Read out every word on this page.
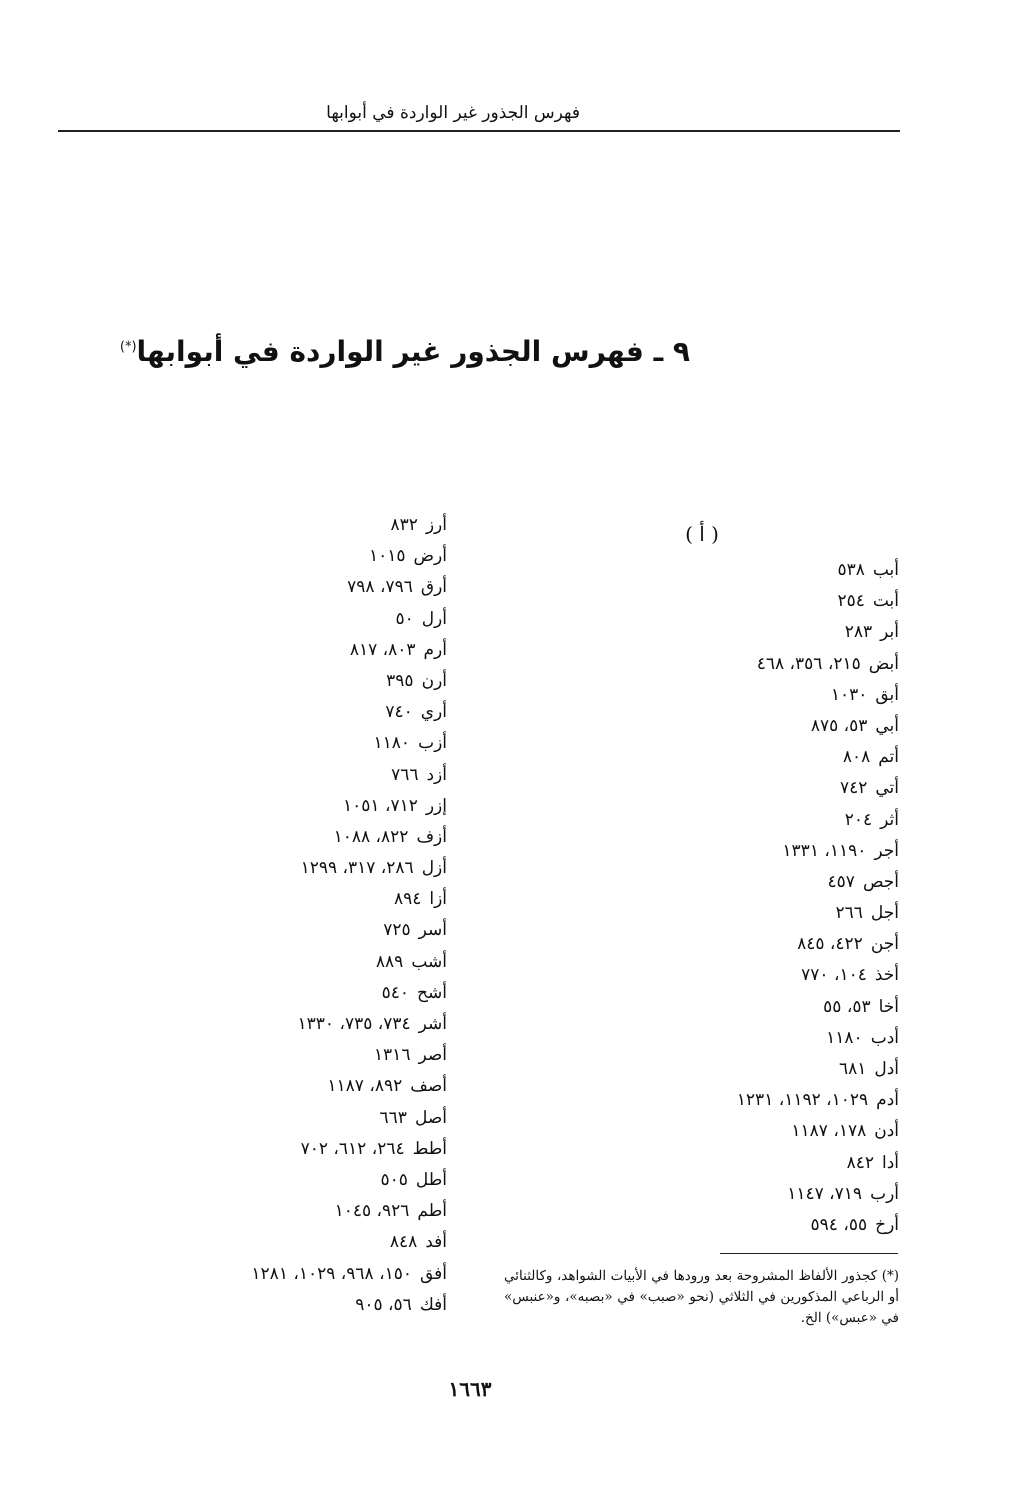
فهرس الجذور غير الواردة في أبوابها
٩ ـ فهرس الجذور غير الواردة في أبوابها(*)
( أ )
أبب٥٣٨
أبت٢٥٤
أبر٢٨٣
أبض٢١٥، ٣٥٦، ٤٦٨
أبق١٠٣٠
أبي٥٣، ٨٧٥
أتم٨٠٨
أتي٧٤٢
أثر٢٠٤
أجر١١٩٠، ١٣٣١
أجص٤٥٧
أجل٢٦٦
أجن٤٢٢، ٨٤٥
أخذ١٠٤، ٧٧٠
أخا٥٣، ٥٥
أدب١١٨٠
أدل٦٨١
أدم١٠٢٩، ١١٩٢، ١٢٣١
أدن١٧٨، ١١٨٧
أدا٨٤٢
أرب٧١٩، ١١٤٧
أرخ٥٥، ٥٩٤
أرز٨٣٢
أرض١٠١٥
أرق٧٩٦، ٧٩٨
أرل٥٠
أرم٨٠٣، ٨١٧
أرن٣٩٥
أري٧٤٠
أزب١١٨٠
أزد٧٦٦
إزر٧١٢، ١٠٥١
أزف٨٢٢، ١٠٨٨
أزل٢٨٦، ٣١٧، ١٢٩٩
أزا٨٩٤
أسر٧٢٥
أشب٨٨٩
أشح٥٤٠
أشر٧٣٤، ٧٣٥، ١٣٣٠
أصر١٣١٦
أصف٨٩٢، ١١٨٧
أصل٦٦٣
أطط٢٦٤، ٦١٢، ٧٠٢
أطل٥٠٥
أطم٩٢٦، ١٠٤٥
أفد٨٤٨
أفق١٥٠، ٩٦٨، ١٠٢٩، ١٢٨١
أفك٥٦، ٩٠٥
(*) كجذور الألفاظ المشروحة بعد ورودها في الأبيات الشواهد، وكالثنائي أو الرباعي المذكورين في الثلاثي (نحو «صبب» في «بصبه»، و«عنبس» في «عبس») الخ.
١٦٦٣
